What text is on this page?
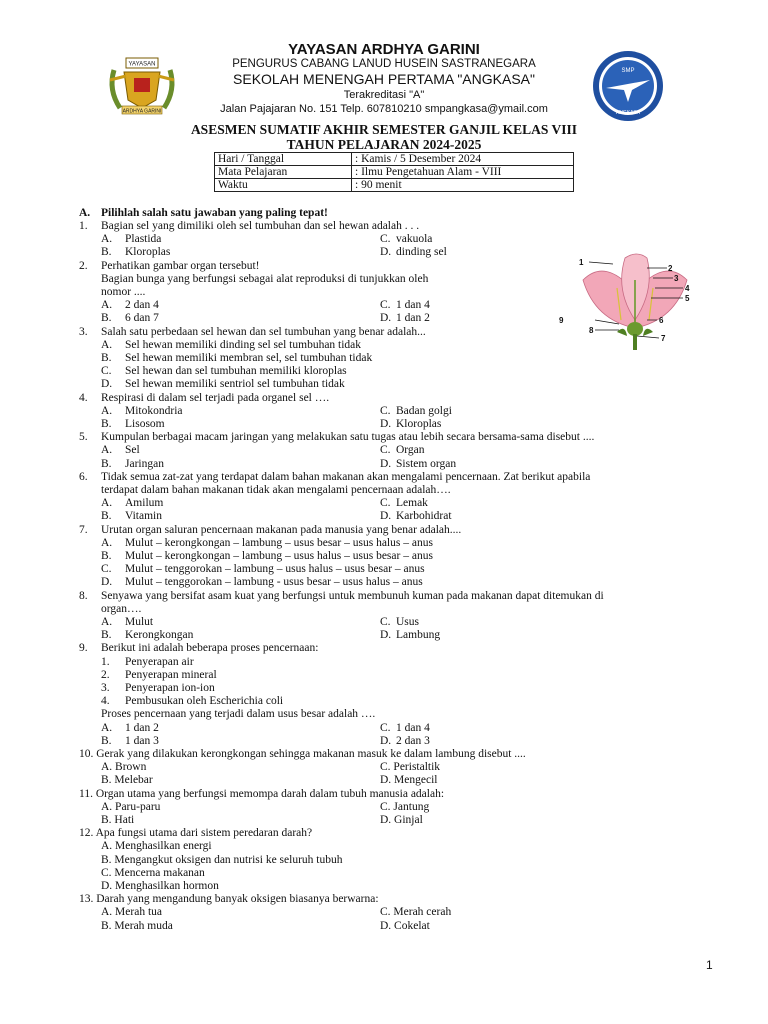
YAYASAN
ARDHYA GARINI
SMP
ANGKASA
YAYASAN ARDHYA GARINI
PENGURUS CABANG LANUD HUSEIN SASTRANEGARA
SEKOLAH MENENGAH PERTAMA "ANGKASA"
Terakreditasi "A"
Jalan Pajajaran No. 151 Telp. 607810210 smpangkasa@ymail.com
ASESMEN SUMATIF AKHIR SEMESTER GANJIL KELAS VIII
TAHUN PELAJARAN 2024-2025
Hari / Tanggal	: Kamis / 5 Desember 2024
Mata Pelajaran	: Ilmu Pengetahuan Alam - VIII
Waktu	: 90 menit
A. Pilihlah salah satu jawaban yang paling tepat!
1. Bagian sel yang dimiliki oleh sel tumbuhan dan sel hewan adalah . . .
A. Plastida	C. vakuola
B. Kloroplas	D. dinding sel
2. Perhatikan gambar organ tersebut!
Bagian bunga yang berfungsi sebagai alat reproduksi di tunjukkan oleh
nomor ....
A. 2 dan 4	C. 1 dan 4
B. 6 dan 7	D. 1 dan 2
3. Salah satu perbedaan sel hewan dan sel tumbuhan yang benar adalah...
A. Sel hewan memiliki dinding sel sel tumbuhan tidak
B. Sel hewan memiliki membran sel, sel tumbuhan tidak
C. Sel hewan dan sel tumbuhan memiliki kloroplas
D. Sel hewan memiliki sentriol sel tumbuhan tidak
4. Respirasi di dalam sel terjadi pada organel sel ….
A. Mitokondria	C. Badan golgi
B. Lisosom	D. Kloroplas
5. Kumpulan berbagai macam jaringan yang melakukan satu tugas atau lebih secara bersama-sama disebut ....
A. Sel	C. Organ
B. Jaringan	D. Sistem organ
6. Tidak semua zat-zat yang terdapat dalam bahan makanan akan mengalami pencernaan. Zat berikut apabila
terdapat dalam bahan makanan tidak akan mengalami pencernaan adalah….
A. Amilum	C. Lemak
B. Vitamin	D. Karbohidrat
7. Urutan organ saluran pencernaan makanan pada manusia yang benar adalah....
A. Mulut – kerongkongan – lambung – usus besar – usus halus – anus
B. Mulut – kerongkongan – lambung – usus halus – usus besar – anus
C. Mulut – tenggorokan – lambung – usus halus – usus besar – anus
D. Mulut – tenggorokan – lambung - usus besar – usus halus – anus
8. Senyawa yang bersifat asam kuat yang berfungsi untuk membunuh kuman pada makanan dapat ditemukan di
organ….
A. Mulut	C. Usus
B. Kerongkongan	D. Lambung
9. Berikut ini adalah beberapa proses pencernaan:
1. Penyerapan air
2. Penyerapan mineral
3. Penyerapan ion-ion
4. Pembusukan oleh Escherichia coli
Proses pencernaan yang terjadi dalam usus besar adalah ….
A. 1 dan 2	C. 1 dan 4
B. 1 dan 3	D. 2 dan 3
10. Gerak yang dilakukan kerongkongan sehingga makanan masuk ke dalam lambung disebut ....
A. Brown	C. Peristaltik
B. Melebar	D. Mengecil
11. Organ utama yang berfungsi memompa darah dalam tubuh manusia adalah:
A. Paru-paru	C. Jantung
B. Hati	D. Ginjal
12. Apa fungsi utama dari sistem peredaran darah?
A. Menghasilkan energi
B. Mengangkut oksigen dan nutrisi ke seluruh tubuh
C. Mencerna makanan
D. Menghasilkan hormon
13. Darah yang mengandung banyak oksigen biasanya berwarna:
A. Merah tua	C. Merah cerah
B. Merah muda	D. Cokelat
1
2
3
4
5
6
7
8
9
1
